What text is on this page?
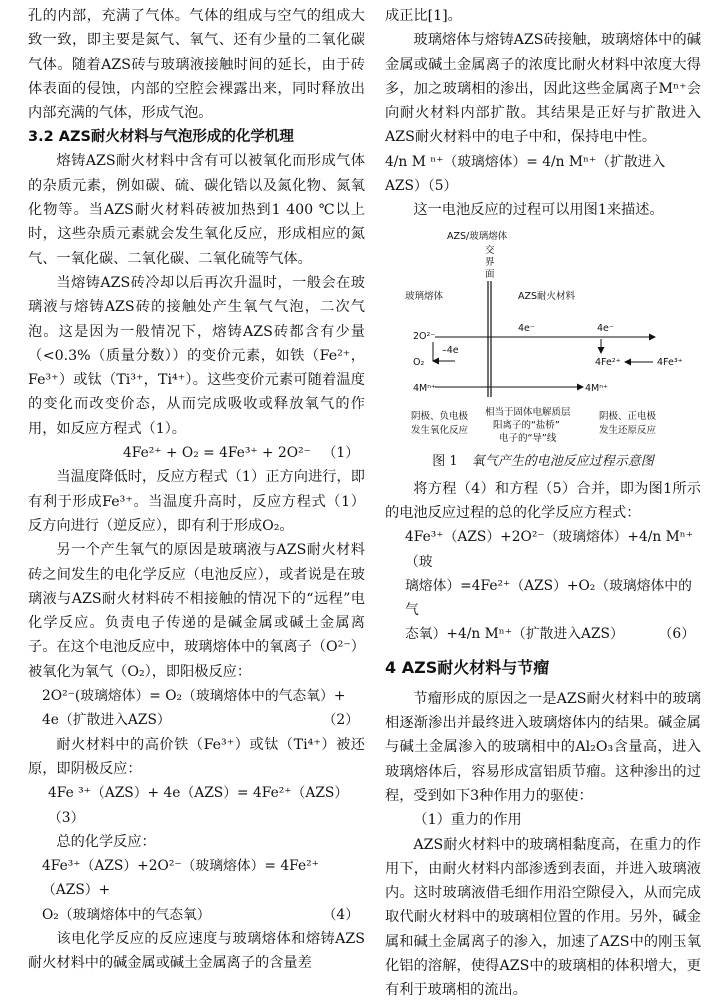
孔的内部，充满了气体。气体的组成与空气的组成大致一致，即主要是氮气、氧气、还有少量的二氧化碳气体。随着AZS砖与玻璃液接触时间的延长，由于砖体表面的侵蚀，内部的空腔会裸露出来，同时释放出内部充满的气体，形成气泡。

3.2 AZS耐火材料与气泡形成的化学机理

熔铸AZS耐火材料中含有可以被氧化而形成气体的杂质元素，例如碳、硫、碳化锆以及氮化物、氮氧化物等。当AZS耐火材料砖被加热到1 400 ℃以上时，这些杂质元素就会发生氧化反应，形成相应的氮气、一氧化碳、二氧化碳、二氧化硫等气体。

当熔铸AZS砖冷却以后再次升温时，一般会在玻璃液与熔铸AZS砖的接触处产生氧气气泡，二次气泡。这是因为一般情况下，熔铸AZS砖都含有少量（<0.3%（质量分数））的变价元素，如铁（Fe²⁺，Fe³⁺）或钛（Ti³⁺，Ti⁴⁺）。这些变价元素可随着温度的变化而改变价态，从而完成吸收或释放氧气的作用，如反应方程式（1）。

4Fe²⁺ + O₂ = 4Fe³⁺ + 2O²⁻ （1）

当温度降低时，反应方程式（1）正方向进行，即有利于形成Fe³⁺。当温度升高时，反应方程式（1）反方向进行（逆反应），即有利于形成O₂。

另一个产生氧气的原因是玻璃液与AZS耐火材料砖之间发生的电化学反应（电池反应），或者说是在玻璃液与AZS耐火材料砖不相接触的情况下的“远程”电化学反应。负责电子传递的是碱金属或碱土金属离子。在这个电池反应中，玻璃熔体中的氧离子（O²⁻）被氧化为氧气（O₂），即阳极反应：

2O²⁻(玻璃熔体）= O₂（玻璃熔体中的气态氧）+
4e（扩散进入AZS）	（2）

耐火材料中的高价铁（Fe³⁺）或钛（Ti⁴⁺）被还原，即阴极反应：

4Fe ³⁺（AZS）+ 4e（AZS）= 4Fe²⁺（AZS）（3）

总的化学反应：

4Fe³⁺（AZS）+2O²⁻（玻璃熔体）= 4Fe²⁺（AZS）+
O₂（玻璃熔体中的气态氧）	（4）

该电化学反应的反应速度与玻璃熔体和熔铸AZS耐火材料中的碱金属或碱土金属离子的含量差

成正比[1]。

玻璃熔体与熔铸AZS砖接触，玻璃熔体中的碱金属或碱土金属离子的浓度比耐火材料中浓度大得多，加之玻璃相的渗出，因此这些金属离子Mⁿ⁺会向耐火材料内部扩散。其结果是正好与扩散进入AZS耐火材料中的电子中和，保持电中性。

4/n M ⁿ⁺（玻璃熔体）= 4/n Mⁿ⁺（扩散进入AZS）（5）

这一电池反应的过程可以用图1来描述。

AZS/玻璃熔体
交
界
面
玻璃熔体	AZS耐火材料
2O²⁻
–4e
O₂
4e⁻	4e⁻
4Fe²⁺	4Fe³⁺
4Mⁿ⁺	4Mⁿ⁺
阴极、负电极
发生氧化反应
相当于固体电解质层
阳离子的“盐桥”
电子的“导”线
阴极、正电极
发生还原反应
图 1 氧气产生的电池反应过程示意图

将方程（4）和方程（5）合并，即为图1所示的电池反应过程的总的化学反应方程式：

4Fe³⁺（AZS）+2O²⁻（玻璃熔体）+4/n Mⁿ⁺（玻
璃熔体）=4Fe²⁺（AZS）+O₂（玻璃熔体中的气
态氧）+4/n Mⁿ⁺（扩散进入AZS）	（6）
4 AZS耐火材料与节瘤

节瘤形成的原因之一是AZS耐火材料中的玻璃相逐渐渗出并最终进入玻璃熔体内的结果。碱金属与碱土金属渗入的玻璃相中的Al₂O₃含量高，进入玻璃熔体后，容易形成富铝质节瘤。这种渗出的过程，受到如下3种作用力的驱使：

（1）重力的作用

AZS耐火材料中的玻璃相黏度高，在重力的作用下，由耐火材料内部渗透到表面，并进入玻璃液内。这时玻璃液借毛细作用沿空隙侵入，从而完成取代耐火材料中的玻璃相位置的作用。另外，碱金属和碱土金属离子的渗入，加速了AZS中的刚玉氧化铝的溶解，使得AZS中的玻璃相的体积增大，更有利于玻璃相的流出。
